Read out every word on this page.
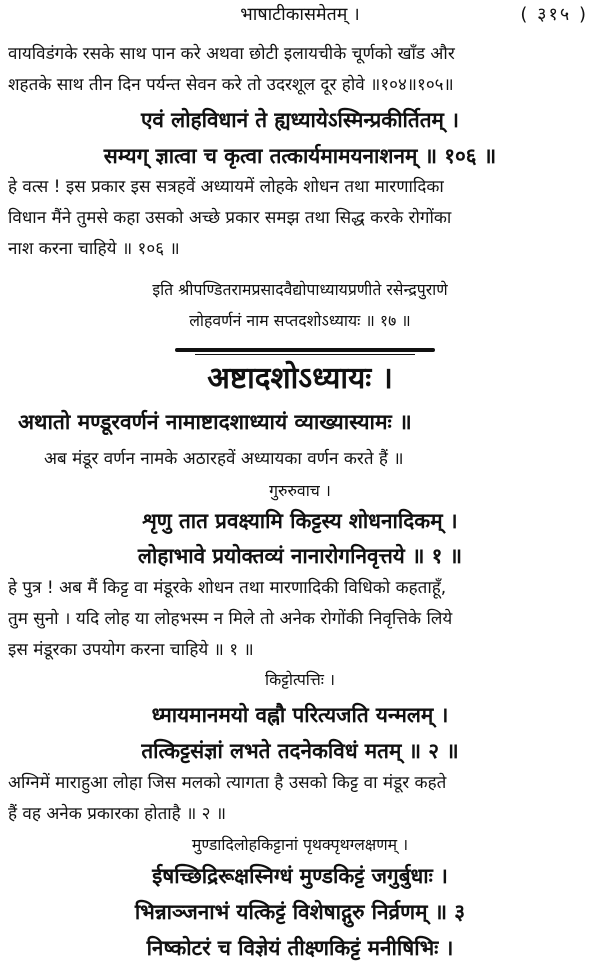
भाषाटीकासमेतम् ।	( ३१५ )
वायविडंगके रसके साथ पान करे अथवा छोटी इलायचीके चूर्णको खाँड और
शहतके साथ तीन दिन पर्यन्त सेवन करे तो उदरशूल दूर होवे ॥१०४॥१०५॥
एवं लोहविधानं ते ह्यध्यायेऽस्मिन्प्रकीर्तितम् ।
सम्यग् ज्ञात्वा च कृत्वा तत्कार्यमामयनाशनम् ॥ १०६ ॥
हे वत्स ! इस प्रकार इस सत्रहवें अध्यायमें लोहके शोधन तथा मारणादिका
विधान मैंने तुमसे कहा उसको अच्छे प्रकार समझ तथा सिद्ध करके रोगोंका
नाश करना चाहिये ॥ १०६ ॥
इति श्रीपण्डितरामप्रसादवैद्योपाध्यायप्रणीते रसेन्द्रपुराणे
लोहवर्णनं नाम सप्तदशोऽध्यायः ॥ १७ ॥
अष्टादशोऽध्यायः ।
अथातो मण्डूरवर्णनं नामाष्टादशाध्यायं व्याख्यास्यामः ॥
अब मंडूर वर्णन नामके अठारहवें अध्यायका वर्णन करते हैं ॥
गुरुरुवाच ।
शृणु तात प्रवक्ष्यामि किट्टस्य शोधनादिकम् ।
लोहाभावे प्रयोक्तव्यं नानारोगनिवृत्तये ॥ १ ॥
हे पुत्र ! अब मैं किट्ट वा मंडूरके शोधन तथा मारणादिकी विधिको कहताहूँ,
तुम सुनो । यदि लोह या लोहभस्म न मिले तो अनेक रोगोंकी निवृत्तिके लिये
इस मंडूरका उपयोग करना चाहिये ॥ १ ॥
किट्टोत्पत्तिः ।
ध्मायमानमयो वह्नौ परित्यजति यन्मलम् ।
तत्किट्टसंज्ञां लभते तदनेकविधं मतम् ॥ २ ॥
अग्निमें माराहुआ लोहा जिस मलको त्यागता है उसको किट्ट वा मंडूर कहते
हैं वह अनेक प्रकारका होताहै ॥ २ ॥
मुण्डादिलोहकिट्टानां पृथक्पृथग्लक्षणम् ।
ईषच्छिद्रिरूक्षस्निग्धं मुण्डकिट्टं जगुर्बुधाः ।
भिन्नाञ्जनाभं यत्किट्टं विशेषाद्गुरु निर्व्रणम् ॥ ३
निष्कोटरं च विज्ञेयं तीक्ष्णकिट्टं मनीषिभिः ।
